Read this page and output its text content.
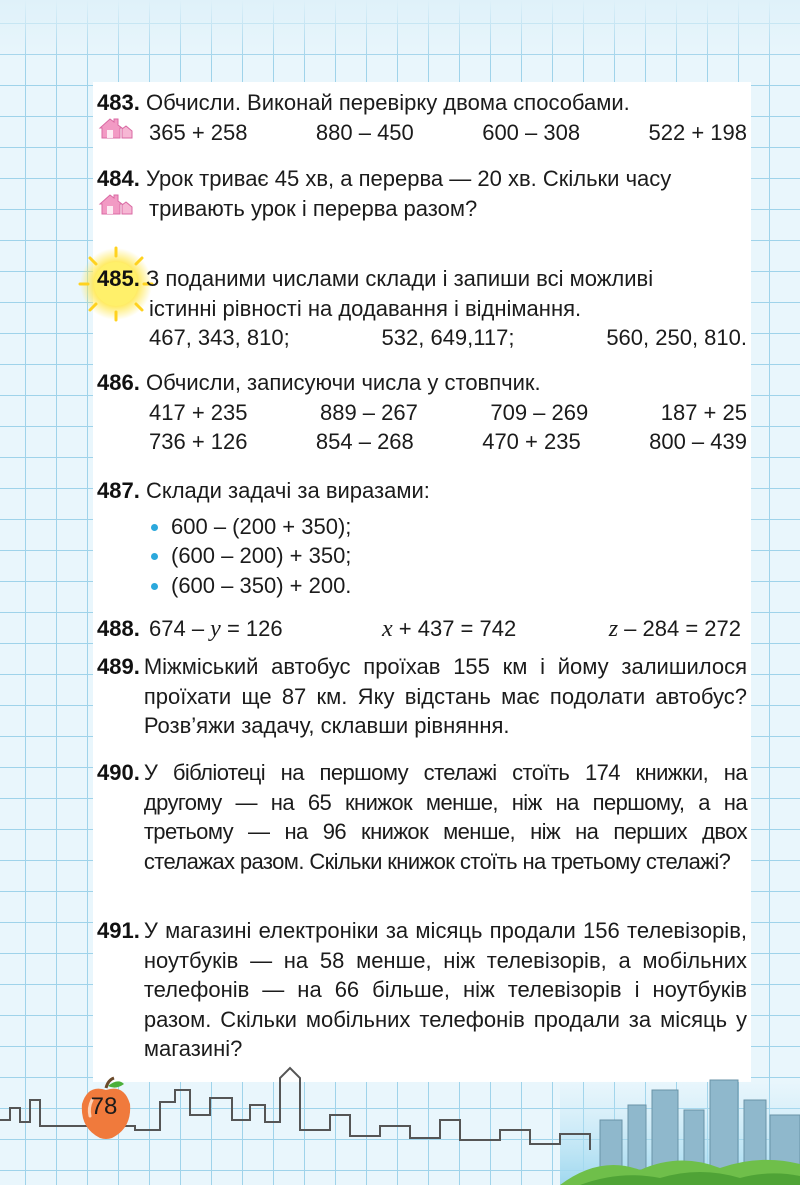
483. Обчисли. Виконай перевірку двома способами.
365 + 258	880 – 450	600 – 308	522 + 198
484. Урок триває 45 хв, а перерва — 20 хв. Скільки часу
тривають урок і перерва разом?
485. З поданими числами склади і запиши всі можливі
істинні рівності на додавання і віднімання.
467, 343, 810;	532, 649,117;	560, 250, 810.
486. Обчисли, записуючи числа у стовпчик.
417 + 235	889 – 267	709 – 269	187 + 25
736 + 126	854 – 268	470 + 235	800 – 439
487. Склади задачі за виразами:
600 – (200 + 350);
(600 – 200) + 350;
(600 – 350) + 200.
488. 674 – y = 126	x + 437 = 742	z – 284 = 272
489. Міжміський автобус проїхав 155 км і йому залишилося проїхати ще 87 км. Яку відстань має подолати автобус? Розв’яжи задачу, склавши рівняння.
490. У бібліотеці на першому стелажі стоїть 174 книжки, на другому — на 65 книжок менше, ніж на першому, а на третьому — на 96 книжок менше, ніж на перших двох стелажах разом. Скільки книжок стоїть на третьому стелажі?
491. У магазині електроніки за місяць продали 156 телевізорів, ноутбуків — на 58 менше, ніж телевізорів, а мобільних телефонів — на 66 більше, ніж телевізорів і ноутбуків разом. Скільки мобільних телефонів продали за місяць у магазині?
78
